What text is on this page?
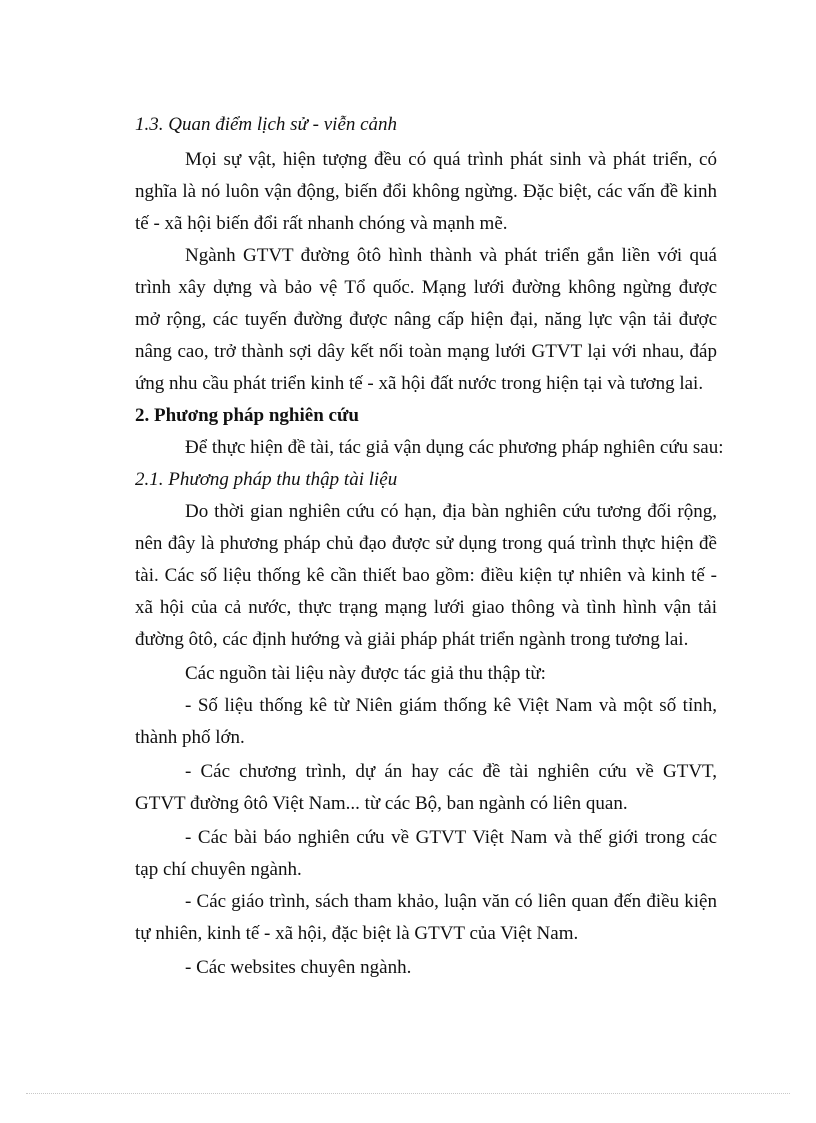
1.3. Quan điểm lịch sử - viễn cảnh
Mọi sự vật, hiện tượng đều có quá trình phát sinh và phát triển, có
nghĩa là nó luôn vận động, biến đổi không ngừng. Đặc biệt, các vấn đề kinh
tế - xã hội biến đổi rất nhanh chóng và mạnh mẽ.
Ngành GTVT đường ôtô hình thành và phát triển gắn liền với quá
trình xây dựng và bảo vệ Tổ quốc. Mạng lưới đường không ngừng được
mở rộng, các tuyến đường được nâng cấp hiện đại, năng lực vận tải được
nâng cao, trở thành sợi dây kết nối toàn mạng lưới GTVT lại với nhau, đáp
ứng nhu cầu phát triển kinh tế - xã hội đất nước trong hiện tại và tương lai.
2. Phương pháp nghiên cứu
Để thực hiện đề tài, tác giả vận dụng các phương pháp nghiên cứu sau:
2.1. Phương pháp thu thập tài liệu
Do thời gian nghiên cứu có hạn, địa bàn nghiên cứu tương đối rộng,
nên đây là phương pháp chủ đạo được sử dụng trong quá trình thực hiện đề
tài. Các số liệu thống kê cần thiết bao gồm: điều kiện tự nhiên và kinh tế -
xã hội của cả nước, thực trạng mạng lưới giao thông và tình hình vận tải
đường ôtô, các định hướng và giải pháp phát triển ngành trong tương lai.
Các nguồn tài liệu này được tác giả thu thập từ:
- Số liệu thống kê từ Niên giám thống kê Việt Nam và một số tỉnh,
thành phố lớn.
- Các chương trình, dự án hay các đề tài nghiên cứu về GTVT,
GTVT đường ôtô Việt Nam... từ các Bộ, ban ngành có liên quan.
- Các bài báo nghiên cứu về GTVT Việt Nam và thế giới trong các
tạp chí chuyên ngành.
- Các giáo trình, sách tham khảo, luận văn có liên quan đến điều kiện
tự nhiên, kinh tế - xã hội, đặc biệt là GTVT của Việt Nam.
- Các websites chuyên ngành.
